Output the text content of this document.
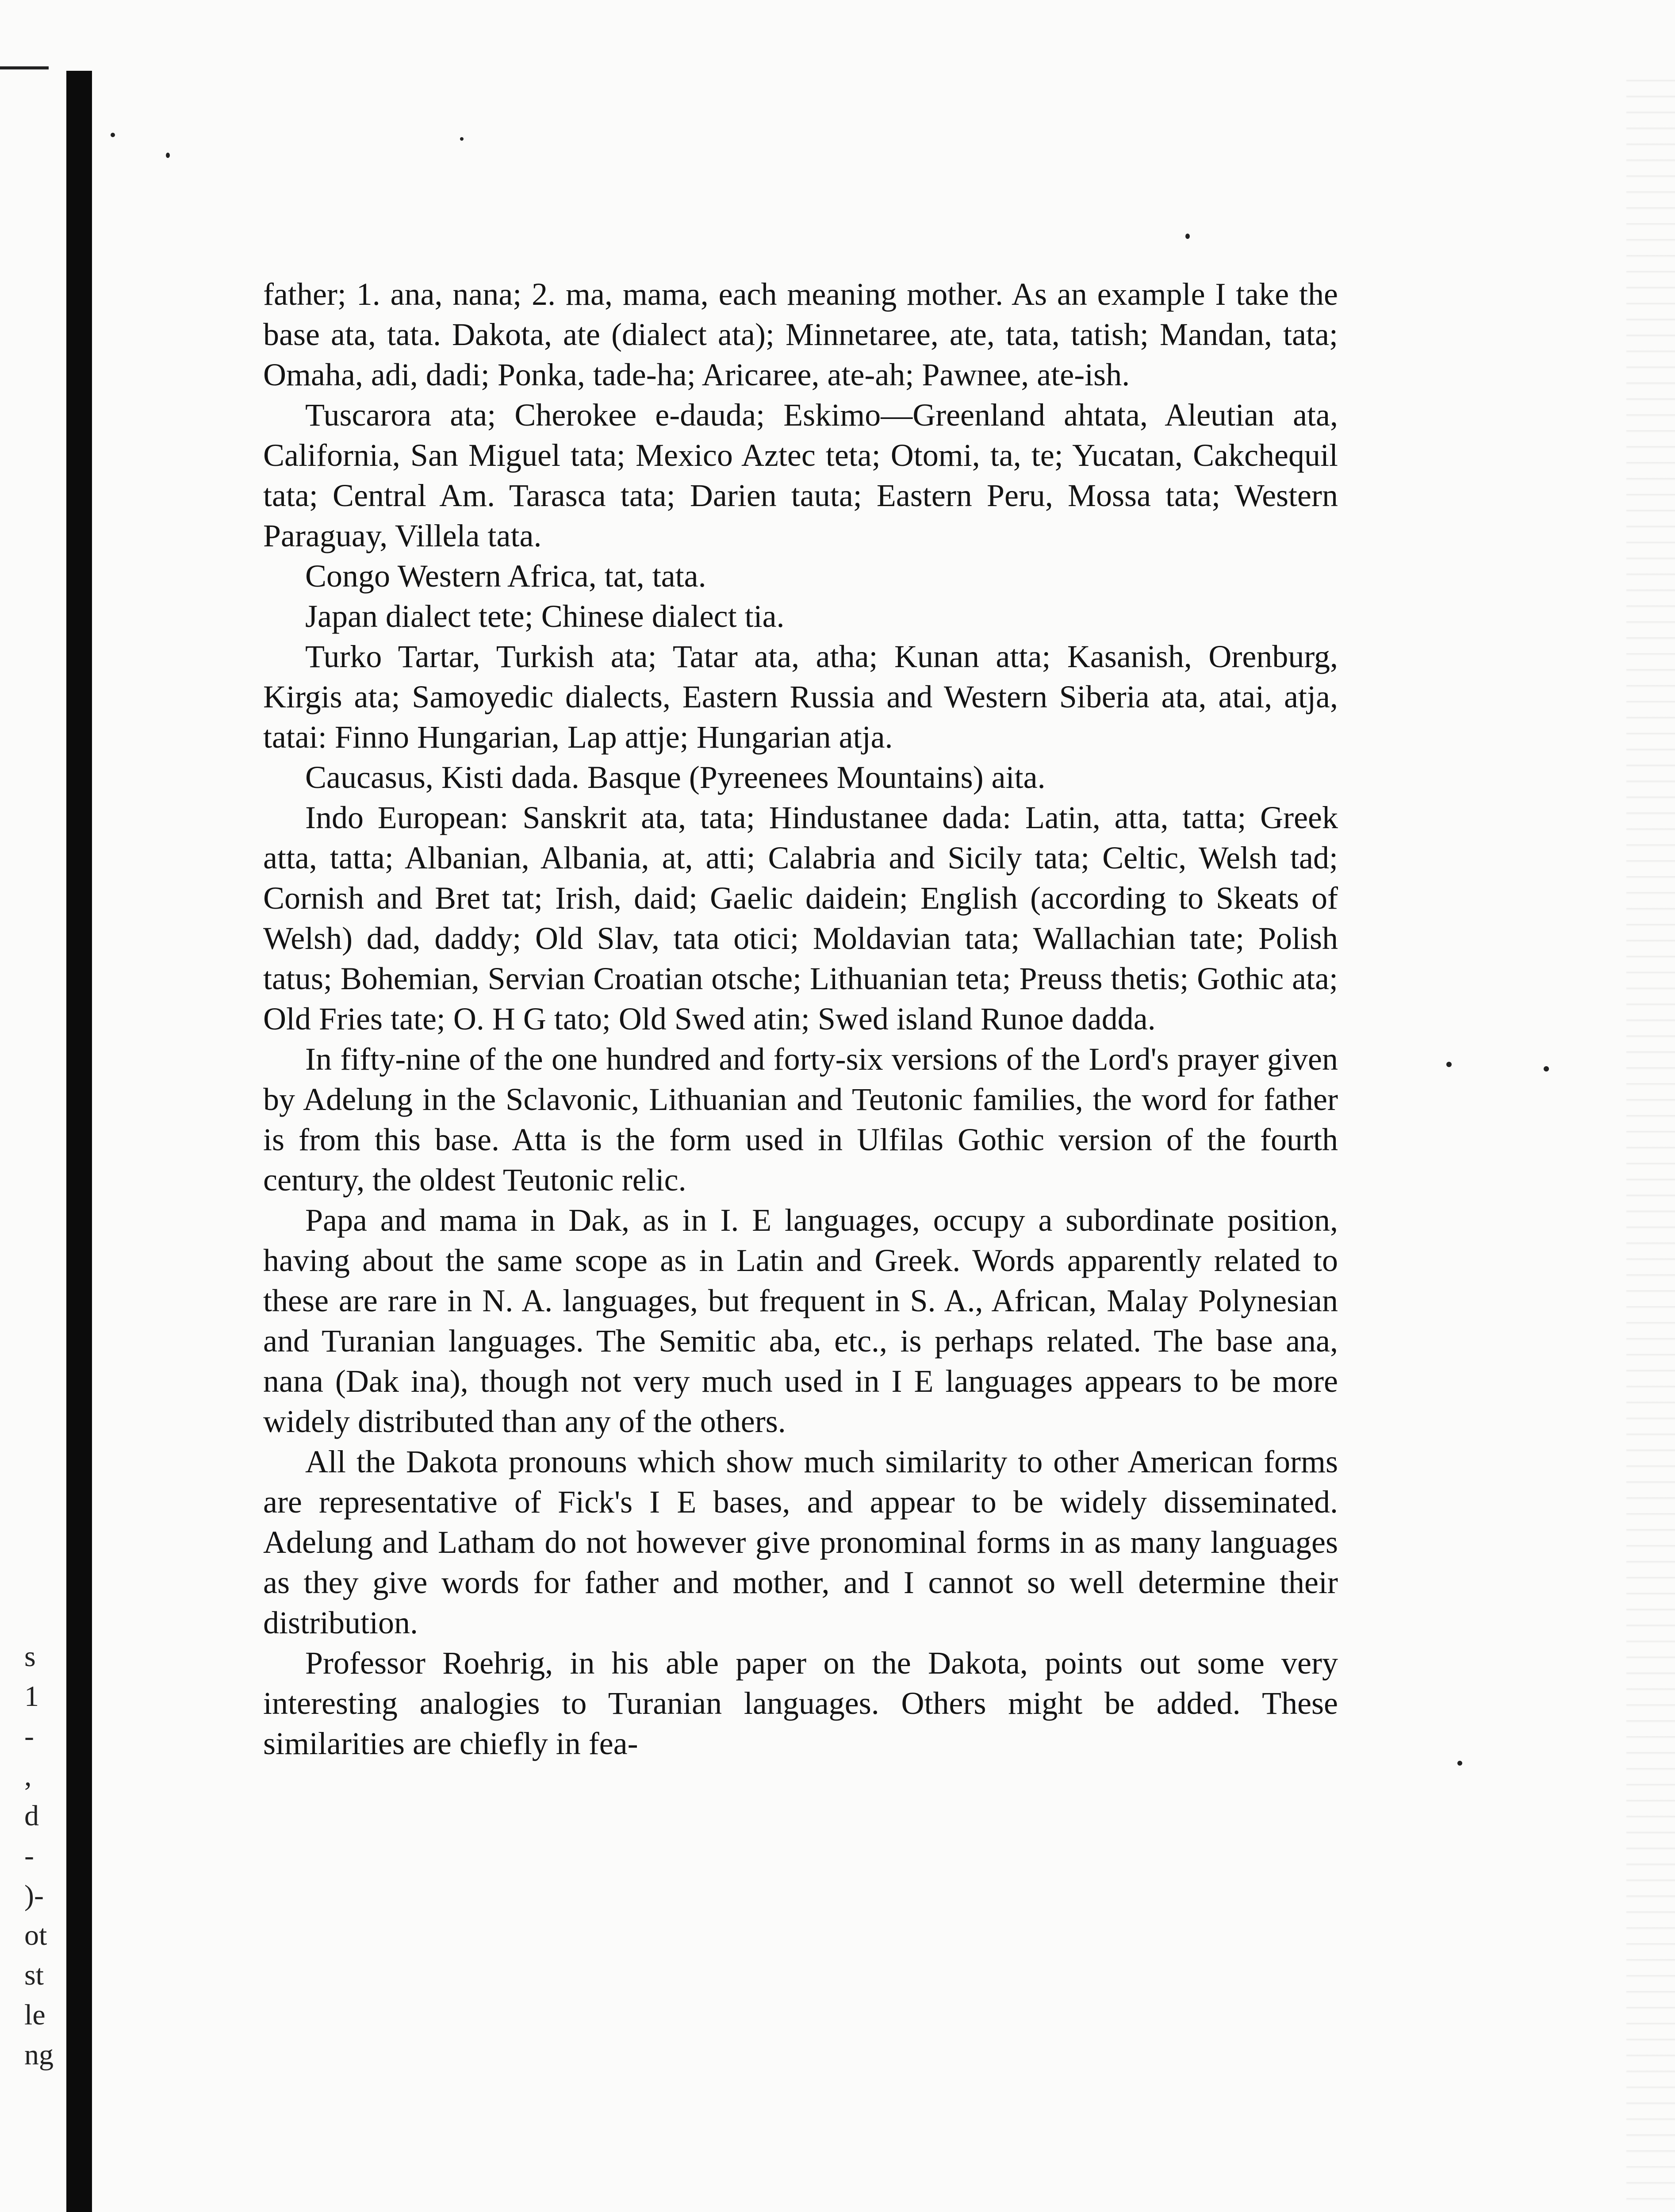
s
1
-
,
d
-
)-
ot
st
le
ng

father; 1. ana, nana; 2. ma, mama, each meaning mother. As an example I take the base ata, tata. Dakota, ate (dialect ata); Minnetaree, ate, tata, tatish; Mandan, tata; Omaha, adi, dadi; Ponka, tade-ha; Aricaree, ate-ah; Pawnee, ate-ish.

Tuscarora ata; Cherokee e-dauda; Eskimo—Greenland ahtata, Aleutian ata, California, San Miguel tata; Mexico Aztec teta; Otomi, ta, te; Yucatan, Cakchequil tata; Central Am. Tarasca tata; Darien tauta; Eastern Peru, Mossa tata; Western Paraguay, Villela tata.

Congo Western Africa, tat, tata.

Japan dialect tete; Chinese dialect tia.

Turko Tartar, Turkish ata; Tatar ata, atha; Kunan atta; Kasanish, Orenburg, Kirgis ata; Samoyedic dialects, Eastern Russia and Western Siberia ata, atai, atja, tatai: Finno Hungarian, Lap attje; Hungarian atja.

Caucasus, Kisti dada. Basque (Pyreenees Mountains) aita.

Indo European: Sanskrit ata, tata; Hindustanee dada: Latin, atta, tatta; Greek atta, tatta; Albanian, Albania, at, atti; Calabria and Sicily tata; Celtic, Welsh tad; Cornish and Bret tat; Irish, daid; Gaelic daidein; English (according to Skeats of Welsh) dad, daddy; Old Slav, tata otici; Moldavian tata; Wallachian tate; Polish tatus; Bohemian, Servian Croatian otsche; Lithuanian teta; Preuss thetis; Gothic ata; Old Fries tate; O. H G tato; Old Swed atin; Swed island Runoe dadda.

In fifty-nine of the one hundred and forty-six versions of the Lord's prayer given by Adelung in the Sclavonic, Lithuanian and Teutonic families, the word for father is from this base. Atta is the form used in Ulfilas Gothic version of the fourth century, the oldest Teutonic relic.

Papa and mama in Dak, as in I. E languages, occupy a subordinate position, having about the same scope as in Latin and Greek. Words apparently related to these are rare in N. A. languages, but frequent in S. A., African, Malay Polynesian and Turanian languages. The Semitic aba, etc., is perhaps related. The base ana, nana (Dak ina), though not very much used in I E languages appears to be more widely distributed than any of the others.

All the Dakota pronouns which show much similarity to other American forms are representative of Fick's I E bases, and appear to be widely disseminated. Adelung and Latham do not however give pronominal forms in as many languages as they give words for father and mother, and I cannot so well determine their distribution.

Professor Roehrig, in his able paper on the Dakota, points out some very interesting analogies to Turanian languages. Others might be added. These similarities are chiefly in fea-
